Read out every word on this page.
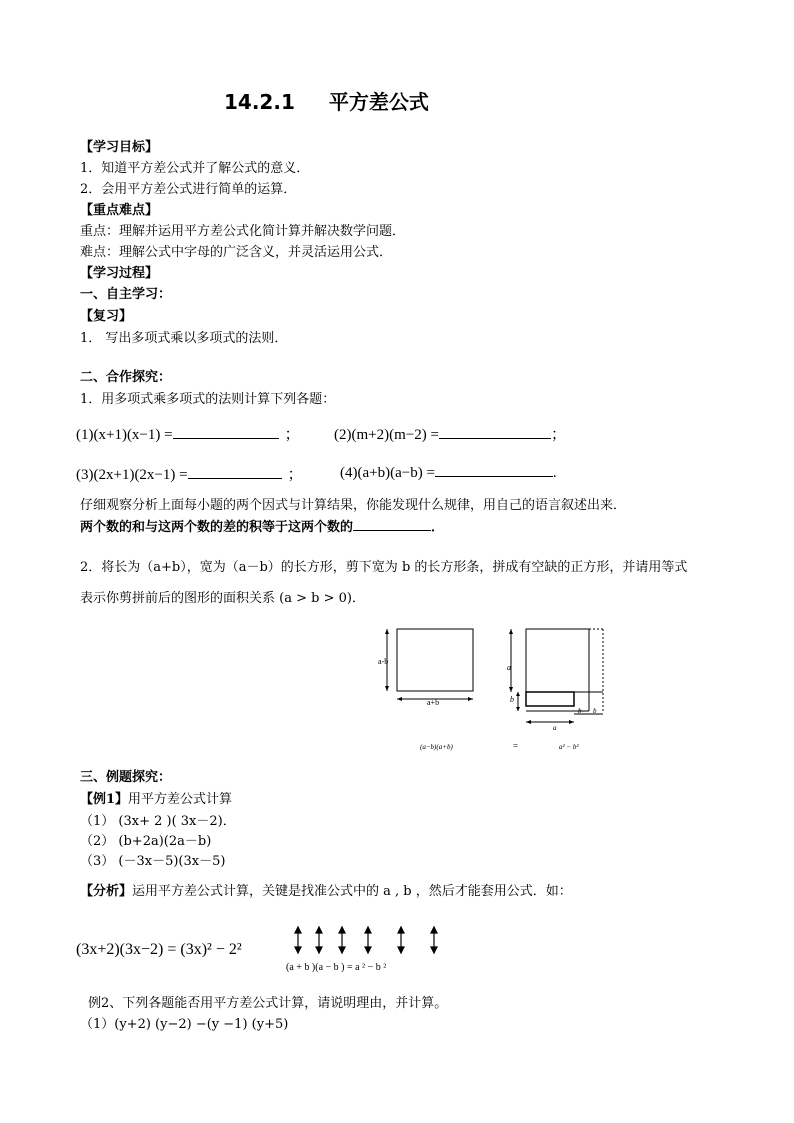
14.2.1 平方差公式
【学习目标】
1．知道平方差公式并了解公式的意义．
2．会用平方差公式进行简单的运算．
【重点难点】
重点：理解并运用平方差公式化简计算并解决数学问题．
难点：理解公式中字母的广泛含义，并灵活运用公式．
【学习过程】
一、自主学习：
【复习】
1． 写出多项式乘以多项式的法则．
二、合作探究：
1．用多项式乘多项式的法则计算下列各题：
(1)(x+1)(x−1) =	； (2)(m+2)(m−2) =	；
(3)(2x+1)(2x−1) =	； (4)(a+b)(a−b) =	.
仔细观察分析上面每小题的两个因式与计算结果，你能发现什么规律，用自己的语言叙述出来．
两个数的和与这两个数的差的积等于这两个数的	．
2．将长为（a+b），宽为（a－b）的长方形，剪下宽为 b 的长方形条，拼成有空缺的正方形，并请用等式
表示你剪拼前后的图形的面积关系 (a > b > 0)．
a-b
a+b
a
b
a
b b
(a−b)(a+b)	=	a² − b²
三、例题探究：
【例1】用平方差公式计算
（1） (3x+ 2 )( 3x－2)．
（2） (b+2a)(2a－b)
（3） (－3x－5)(3x－5)
【分析】运用平方差公式计算，关键是找准公式中的 a , b ，然后才能套用公式．如：
(3x+2)(3x−2) = (3x)² − 2²
(a + b )(a − b ) = a ² − b ²
例2、下列各题能否用平方差公式计算，请说明理由，并计算。
（1）(y+2) (y−2) −(y −1) (y+5)
